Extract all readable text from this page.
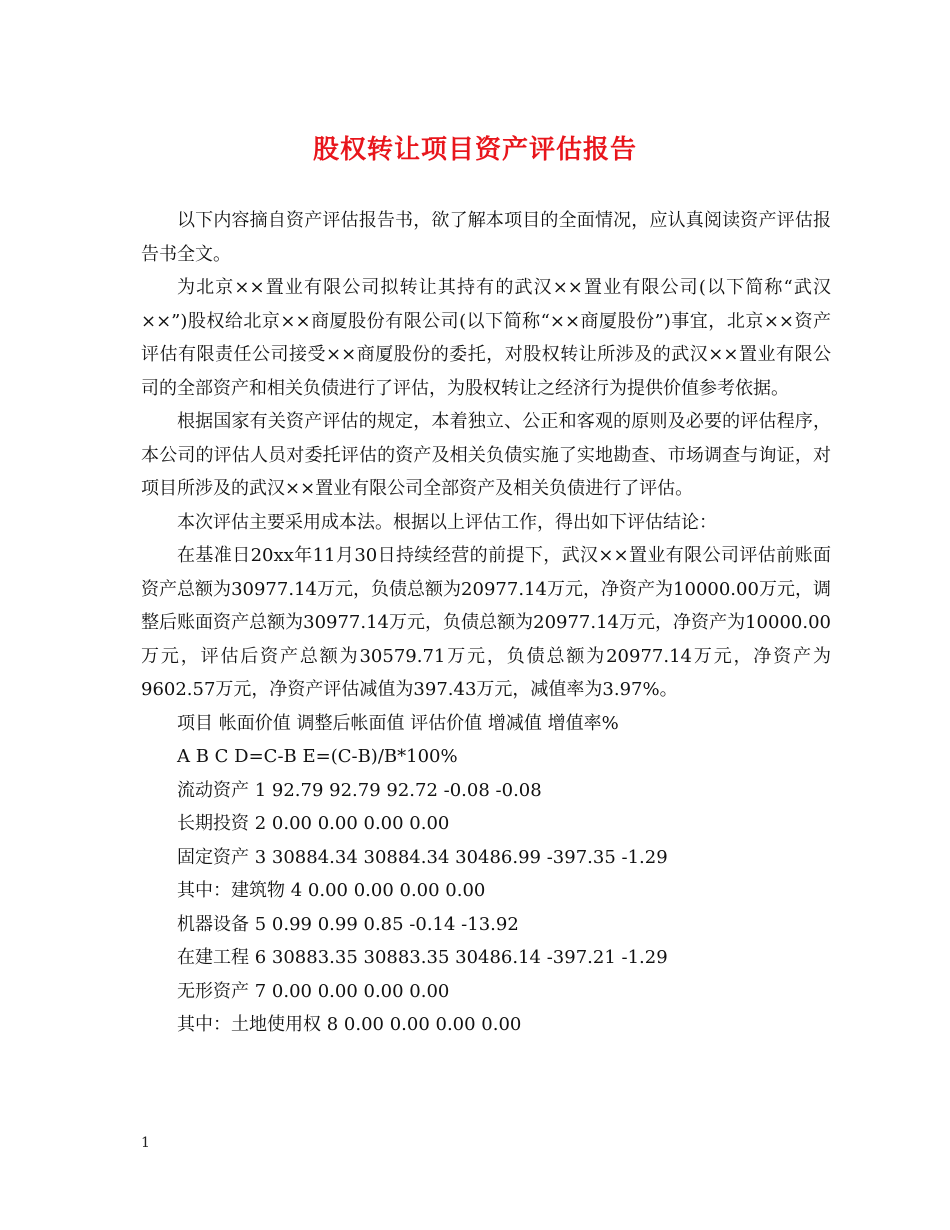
股权转让项目资产评估报告

以下内容摘自资产评估报告书，欲了解本项目的全面情况，应认真阅读资产评估报告书全文。

为北京××置业有限公司拟转让其持有的武汉××置业有限公司(以下简称“武汉××”)股权给北京××商厦股份有限公司(以下简称“××商厦股份”)事宜，北京××资产评估有限责任公司接受××商厦股份的委托，对股权转让所涉及的武汉××置业有限公司的全部资产和相关负债进行了评估，为股权转让之经济行为提供价值参考依据。

根据国家有关资产评估的规定，本着独立、公正和客观的原则及必要的评估程序，本公司的评估人员对委托评估的资产及相关负债实施了实地勘查、市场调查与询证，对项目所涉及的武汉××置业有限公司全部资产及相关负债进行了评估。

本次评估主要采用成本法。根据以上评估工作，得出如下评估结论：

在基准日20xx年11月30日持续经营的前提下，武汉××置业有限公司评估前账面资产总额为30977.14万元，负债总额为20977.14万元，净资产为10000.00万元，调整后账面资产总额为30977.14万元，负债总额为20977.14万元，净资产为10000.00万元，评估后资产总额为30579.71万元，负债总额为20977.14万元，净资产为9602.57万元，净资产评估减值为397.43万元，减值率为3.97%。

项目 帐面价值 调整后帐面值 评估价值 增减值 增值率%

A B C D=C-B E=(C-B)/B*100%

流动资产 1 92.79 92.79 92.72 -0.08 -0.08

长期投资 2 0.00 0.00 0.00 0.00

固定资产 3 30884.34 30884.34 30486.99 -397.35 -1.29

其中：建筑物 4 0.00 0.00 0.00 0.00

机器设备 5 0.99 0.99 0.85 -0.14 -13.92

在建工程 6 30883.35 30883.35 30486.14 -397.21 -1.29

无形资产 7 0.00 0.00 0.00 0.00

其中：土地使用权 8 0.00 0.00 0.00 0.00

1
